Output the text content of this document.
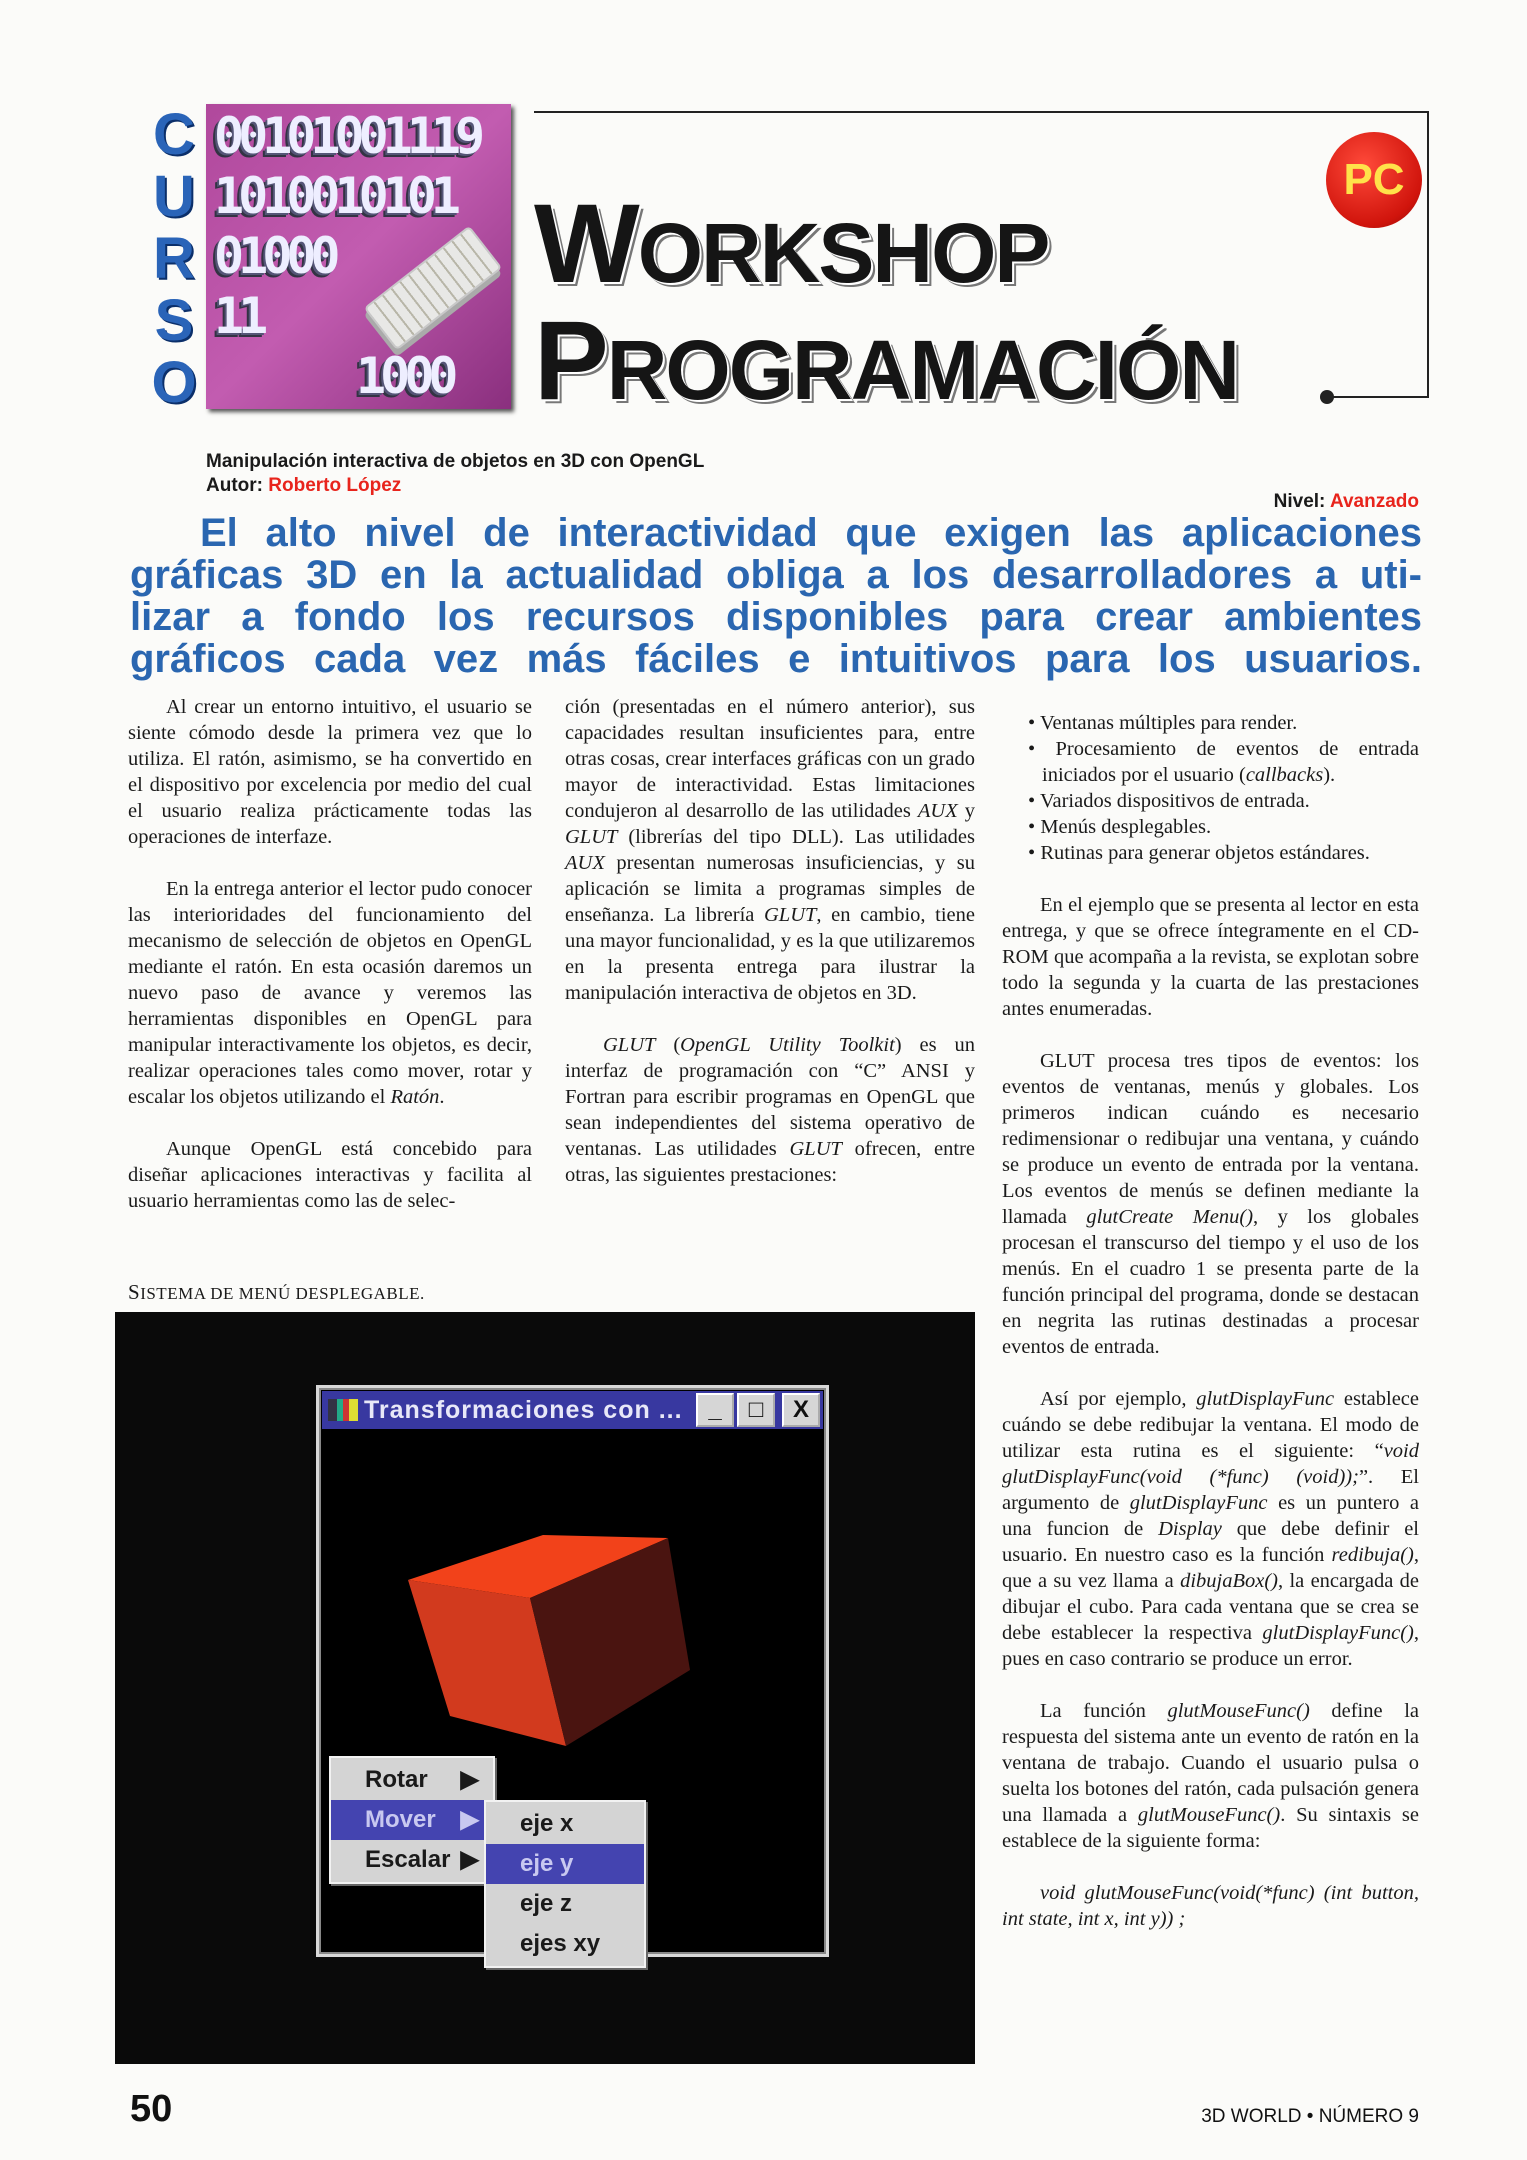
C
U
R
S
O
00101001119
1010010101
01000
11
1000
WORKSHOP
PROGRAMACIÓN
PC
Manipulación interactiva de objetos en 3D con OpenGL
Autor: Roberto López
Nivel: Avanzado
El alto nivel de interactividad que exigen las aplicaciones
gráficas 3D en la actualidad obliga a los desarrolladores a uti-
lizar a fondo los recursos disponibles para crear ambientes
gráficos cada vez más fáciles e intuitivos para los usuarios.

Al crear un entorno intuitivo, el usuario se siente cómodo desde la primera vez que lo utiliza. El ratón, asimismo, se ha convertido en el dispositivo por excelencia por medio del cual el usuario realiza prácticamente todas las operaciones de interfaze.

En la entrega anterior el lector pudo conocer las interioridades del funcionamiento del mecanismo de selección de objetos en OpenGL mediante el ratón. En esta ocasión daremos un nuevo paso de avance y veremos las herramientas disponibles en OpenGL para manipular interactivamente los objetos, es decir, realizar operaciones tales como mover, rotar y escalar los objetos utilizando el Ratón.

Aunque OpenGL está concebido para diseñar aplicaciones interactivas y facilita al usuario herramientas como las de selec-

ción (presentadas en el número anterior), sus capacidades resultan insuficientes para, entre otras cosas, crear interfaces gráficas con un grado mayor de interactividad. Estas limitaciones condujeron al desarrollo de las utilidades AUX y GLUT (librerías del tipo DLL). Las utilidades AUX presentan numerosas insuficiencias, y su aplicación se limita a programas simples de enseñanza. La librería GLUT, en cambio, tiene una mayor funcionalidad, y es la que utilizaremos en la presenta entrega para ilustrar la manipulación interactiva de objetos en 3D.

GLUT (OpenGL Utility Toolkit) es un interfaz de programación con “C” ANSI y Fortran para escribir programas en OpenGL que sean independientes del sistema operativo de ventanas. Las utilidades GLUT ofrecen, entre otras, las siguientes prestaciones:

• Ventanas múltiples para render.
• Procesamiento de eventos de entrada iniciados por el usuario (callbacks).
• Variados dispositivos de entrada.
• Menús desplegables.
• Rutinas para generar objetos estándares.

En el ejemplo que se presenta al lector en esta entrega, y que se ofrece íntegramente en el CD-ROM que acompaña a la revista, se explotan sobre todo la segunda y la cuarta de las prestaciones antes enumeradas.

GLUT procesa tres tipos de eventos: los eventos de ventanas, menús y globales. Los primeros indican cuándo es necesario redimensionar o redibujar una ventana, y cuándo se produce un evento de entrada por la ventana. Los eventos de menús se definen mediante la llamada glutCreate Menu(), y los globales procesan el transcurso del tiempo y el uso de los menús. En el cuadro 1 se presenta parte de la función principal del programa, donde se destacan en negrita las rutinas destinadas a procesar eventos de entrada.

Así por ejemplo, glutDisplayFunc establece cuándo se debe redibujar la ventana. El modo de utilizar esta rutina es el siguiente: “void glutDisplayFunc(void (*func) (void));”. El argumento de glutDisplayFunc es un puntero a una funcion de Display que debe definir el usuario. En nuestro caso es la función redibuja(), que a su vez llama a dibujaBox(), la encargada de dibujar el cubo. Para cada ventana que se crea se debe establecer la respectiva glutDisplayFunc(), pues en caso contrario se produce un error.

La función glutMouseFunc() define la respuesta del sistema ante un evento de ratón en la ventana de trabajo. Cuando el usuario pulsa o suelta los botones del ratón, cada pulsación genera una llamada a glutMouseFunc(). Su sintaxis se establece de la siguiente forma:

void glutMouseFunc(void(*func) (int button, int state, int x, int y)) ;

SISTEMA DE MENÚ DESPLEGABLE.
Transformaciones con ...	_	□	X
Rotar ▶
Mover ▶
Escalar ▶
eje x
eje y
eje z
ejes xy
50	3D WORLD • NÚMERO 9
